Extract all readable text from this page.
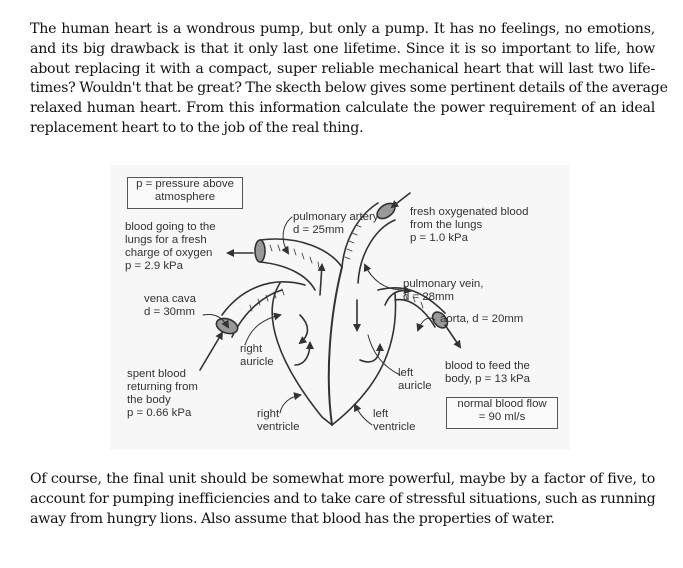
The human heart is a wondrous pump, but only a pump. It has no feelings, no emotions,
and its big drawback is that it only last one lifetime. Since it is so important to life, how
about replacing it with a compact, super reliable mechanical heart that will last two life-
times? Wouldn't that be great? The skecth below gives some pertinent details of the average
relaxed human heart. From this information calculate the power requirement of an ideal
replacement heart to to the job of the real thing.
p = pressure above
atmosphere
blood going to the
lungs for a fresh
charge of oxygen
p = 2.9 kPa
pulmonary artery
d = 25mm
fresh oxygenated blood
from the lungs
p = 1.0 kPa
pulmonary vein,
d = 28mm
vena cava
d = 30mm
aorta, d = 20mm
right
auricle
left
auricle
spent blood
returning from
the body
p = 0.66 kPa
blood to feed the
body, p = 13 kPa
right
ventricle
left
ventricle
normal blood flow
= 90 ml/s
Of course, the final unit should be somewhat more powerful, maybe by a factor of five, to
account for pumping inefficiencies and to take care of stressful situations, such as running
away from hungry lions. Also assume that blood has the properties of water.
